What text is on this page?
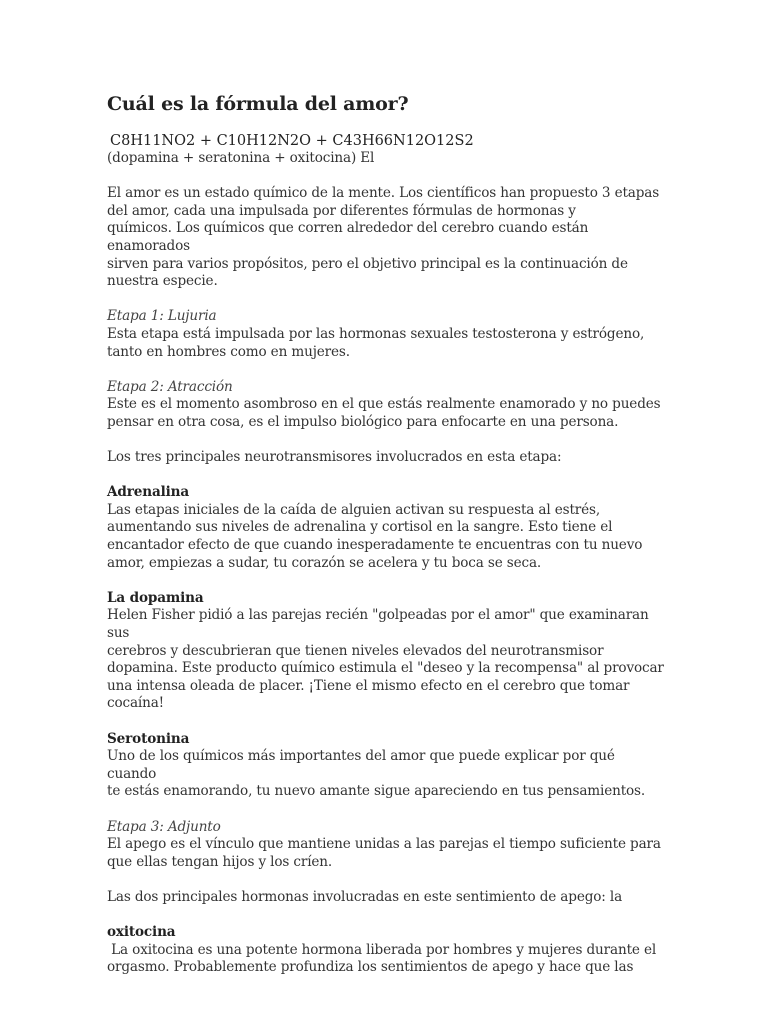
Cuál es la fórmula del amor?
C8H11NO2 + C10H12N2O + C43H66N12O12S2

(dopamina + seratonina + oxitocina) El

El amor es un estado químico de la mente. Los científicos han propuesto 3 etapas
del amor, cada una impulsada por diferentes fórmulas de hormonas y
químicos. Los químicos que corren alrededor del cerebro cuando están enamorados
sirven para varios propósitos, pero el objetivo principal es la continuación de
nuestra especie.

Etapa 1: Lujuria

Esta etapa está impulsada por las hormonas sexuales testosterona y estrógeno,
tanto en hombres como en mujeres.

Etapa 2: Atracción

Este es el momento asombroso en el que estás realmente enamorado y no puedes
pensar en otra cosa, es el impulso biológico para enfocarte en una persona.

Los tres principales neurotransmisores involucrados en esta etapa:

Adrenalina

Las etapas iniciales de la caída de alguien activan su respuesta al estrés,
aumentando sus niveles de adrenalina y cortisol en la sangre. Esto tiene el
encantador efecto de que cuando inesperadamente te encuentras con tu nuevo
amor, empiezas a sudar, tu corazón se acelera y tu boca se seca.

La dopamina

Helen Fisher pidió a las parejas recién "golpeadas por el amor" que examinaran sus
cerebros y descubrieran que tienen niveles elevados del neurotransmisor
dopamina. Este producto químico estimula el "deseo y la recompensa" al provocar
una intensa oleada de placer. ¡Tiene el mismo efecto en el cerebro que tomar
cocaína!

Serotonina

Uno de los químicos más importantes del amor que puede explicar por qué cuando
te estás enamorando, tu nuevo amante sigue apareciendo en tus pensamientos.

Etapa 3: Adjunto

El apego es el vínculo que mantiene unidas a las parejas el tiempo suficiente para
que ellas tengan hijos y los críen.

Las dos principales hormonas involucradas en este sentimiento de apego: la

oxitocina

La oxitocina es una potente hormona liberada por hombres y mujeres durante el
orgasmo. Probablemente profundiza los sentimientos de apego y hace que las
